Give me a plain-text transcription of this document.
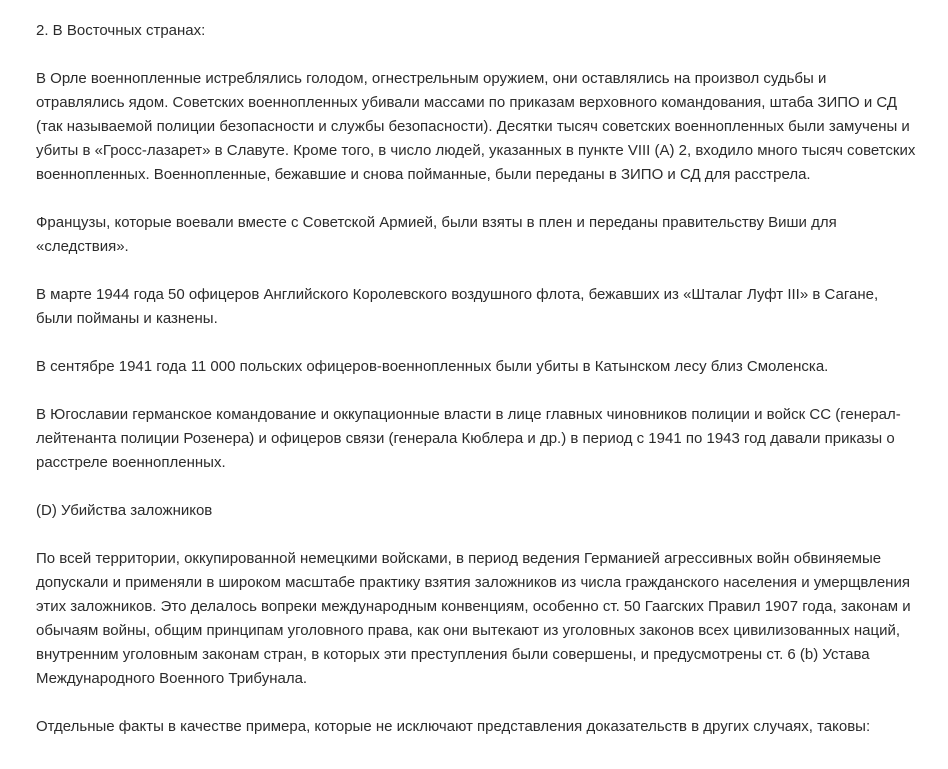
2. В Восточных странах:

В Орле военнопленные истреблялись голодом, огнестрельным оружием, они оставлялись на произвол судьбы и отравлялись ядом. Советских военнопленных убивали массами по приказам верховного командования, штаба ЗИПО и СД (так называемой полиции безопасности и службы безопасности). Десятки тысяч советских военнопленных были замучены и убиты в «Гросс-лазарет» в Славуте. Кроме того, в число людей, указанных в пункте VIII (А) 2, входило много тысяч советских военнопленных. Военнопленные, бежавшие и снова пойманные, были переданы в ЗИПО и СД для расстрела.

Французы, которые воевали вместе с Советской Армией, были взяты в плен и переданы правительству Виши для «следствия».

В марте 1944 года 50 офицеров Английского Королевского воздушного флота, бежавших из «Шталаг Луфт III» в Сагане, были пойманы и казнены.

В сентябре 1941 года 11 000 польских офицеров-военнопленных были убиты в Катынском лесу близ Смоленска.

В Югославии германское командование и оккупационные власти в лице главных чиновников полиции и войск СС (генерал-лейтенанта полиции Розенера) и офицеров связи (генерала Кюблера и др.) в период с 1941 по 1943 год давали приказы о расстреле военнопленных.

(D) Убийства заложников

По всей территории, оккупированной немецкими войсками, в период ведения Германией агрессивных войн обвиняемые допускали и применяли в широком масштабе практику взятия заложников из числа гражданского населения и умерщвления этих заложников. Это делалось вопреки международным конвенциям, особенно ст. 50 Гаагских Правил 1907 года, законам и обычаям войны, общим принципам уголовного права, как они вытекают из уголовных законов всех цивилизованных наций, внутренним уголовным законам стран, в которых эти преступления были совершены, и предусмотрены ст. 6 (b) Устава Международного Военного Трибунала.

Отдельные факты в качестве примера, которые не исключают представления доказательств в других случаях, таковы:
